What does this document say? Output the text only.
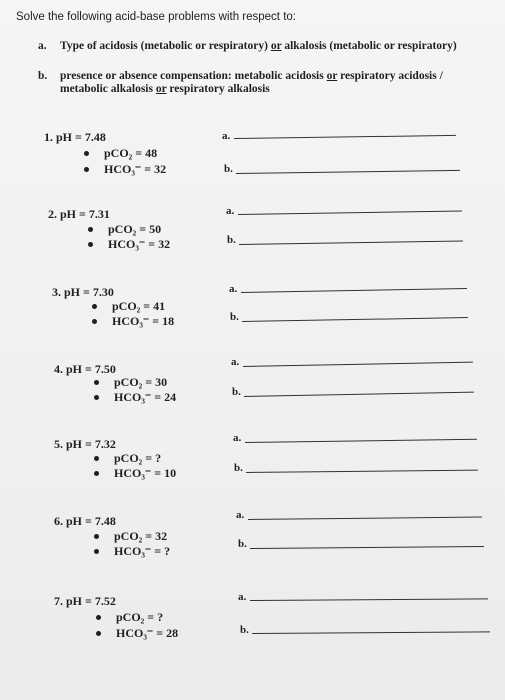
Solve the following acid-base problems with respect to:
a.	Type of acidosis (metabolic or respiratory) or alkalosis (metabolic or respiratory)
b.	presence or absence compensation: metabolic acidosis or respiratory acidosis / metabolic alkalosis or respiratory alkalosis
1. pH = 7.48
pCO₂ = 48
HCO₃⁻ = 32
a.
b.
2. pH = 7.31
pCO₂ = 50
HCO₃⁻ = 32
a.
b.
3. pH = 7.30
pCO₂ = 41
HCO₃⁻ = 18
a.
b.
4. pH = 7.50
pCO₂ = 30
HCO₃⁻ = 24
a.
b.
5. pH = 7.32
pCO₂ = ?
HCO₃⁻ = 10
a.
b.
6. pH = 7.48
pCO₂ = 32
HCO₃⁻ = ?
a.
b.
7. pH = 7.52
pCO₂ = ?
HCO₃⁻ = 28
a.
b.
